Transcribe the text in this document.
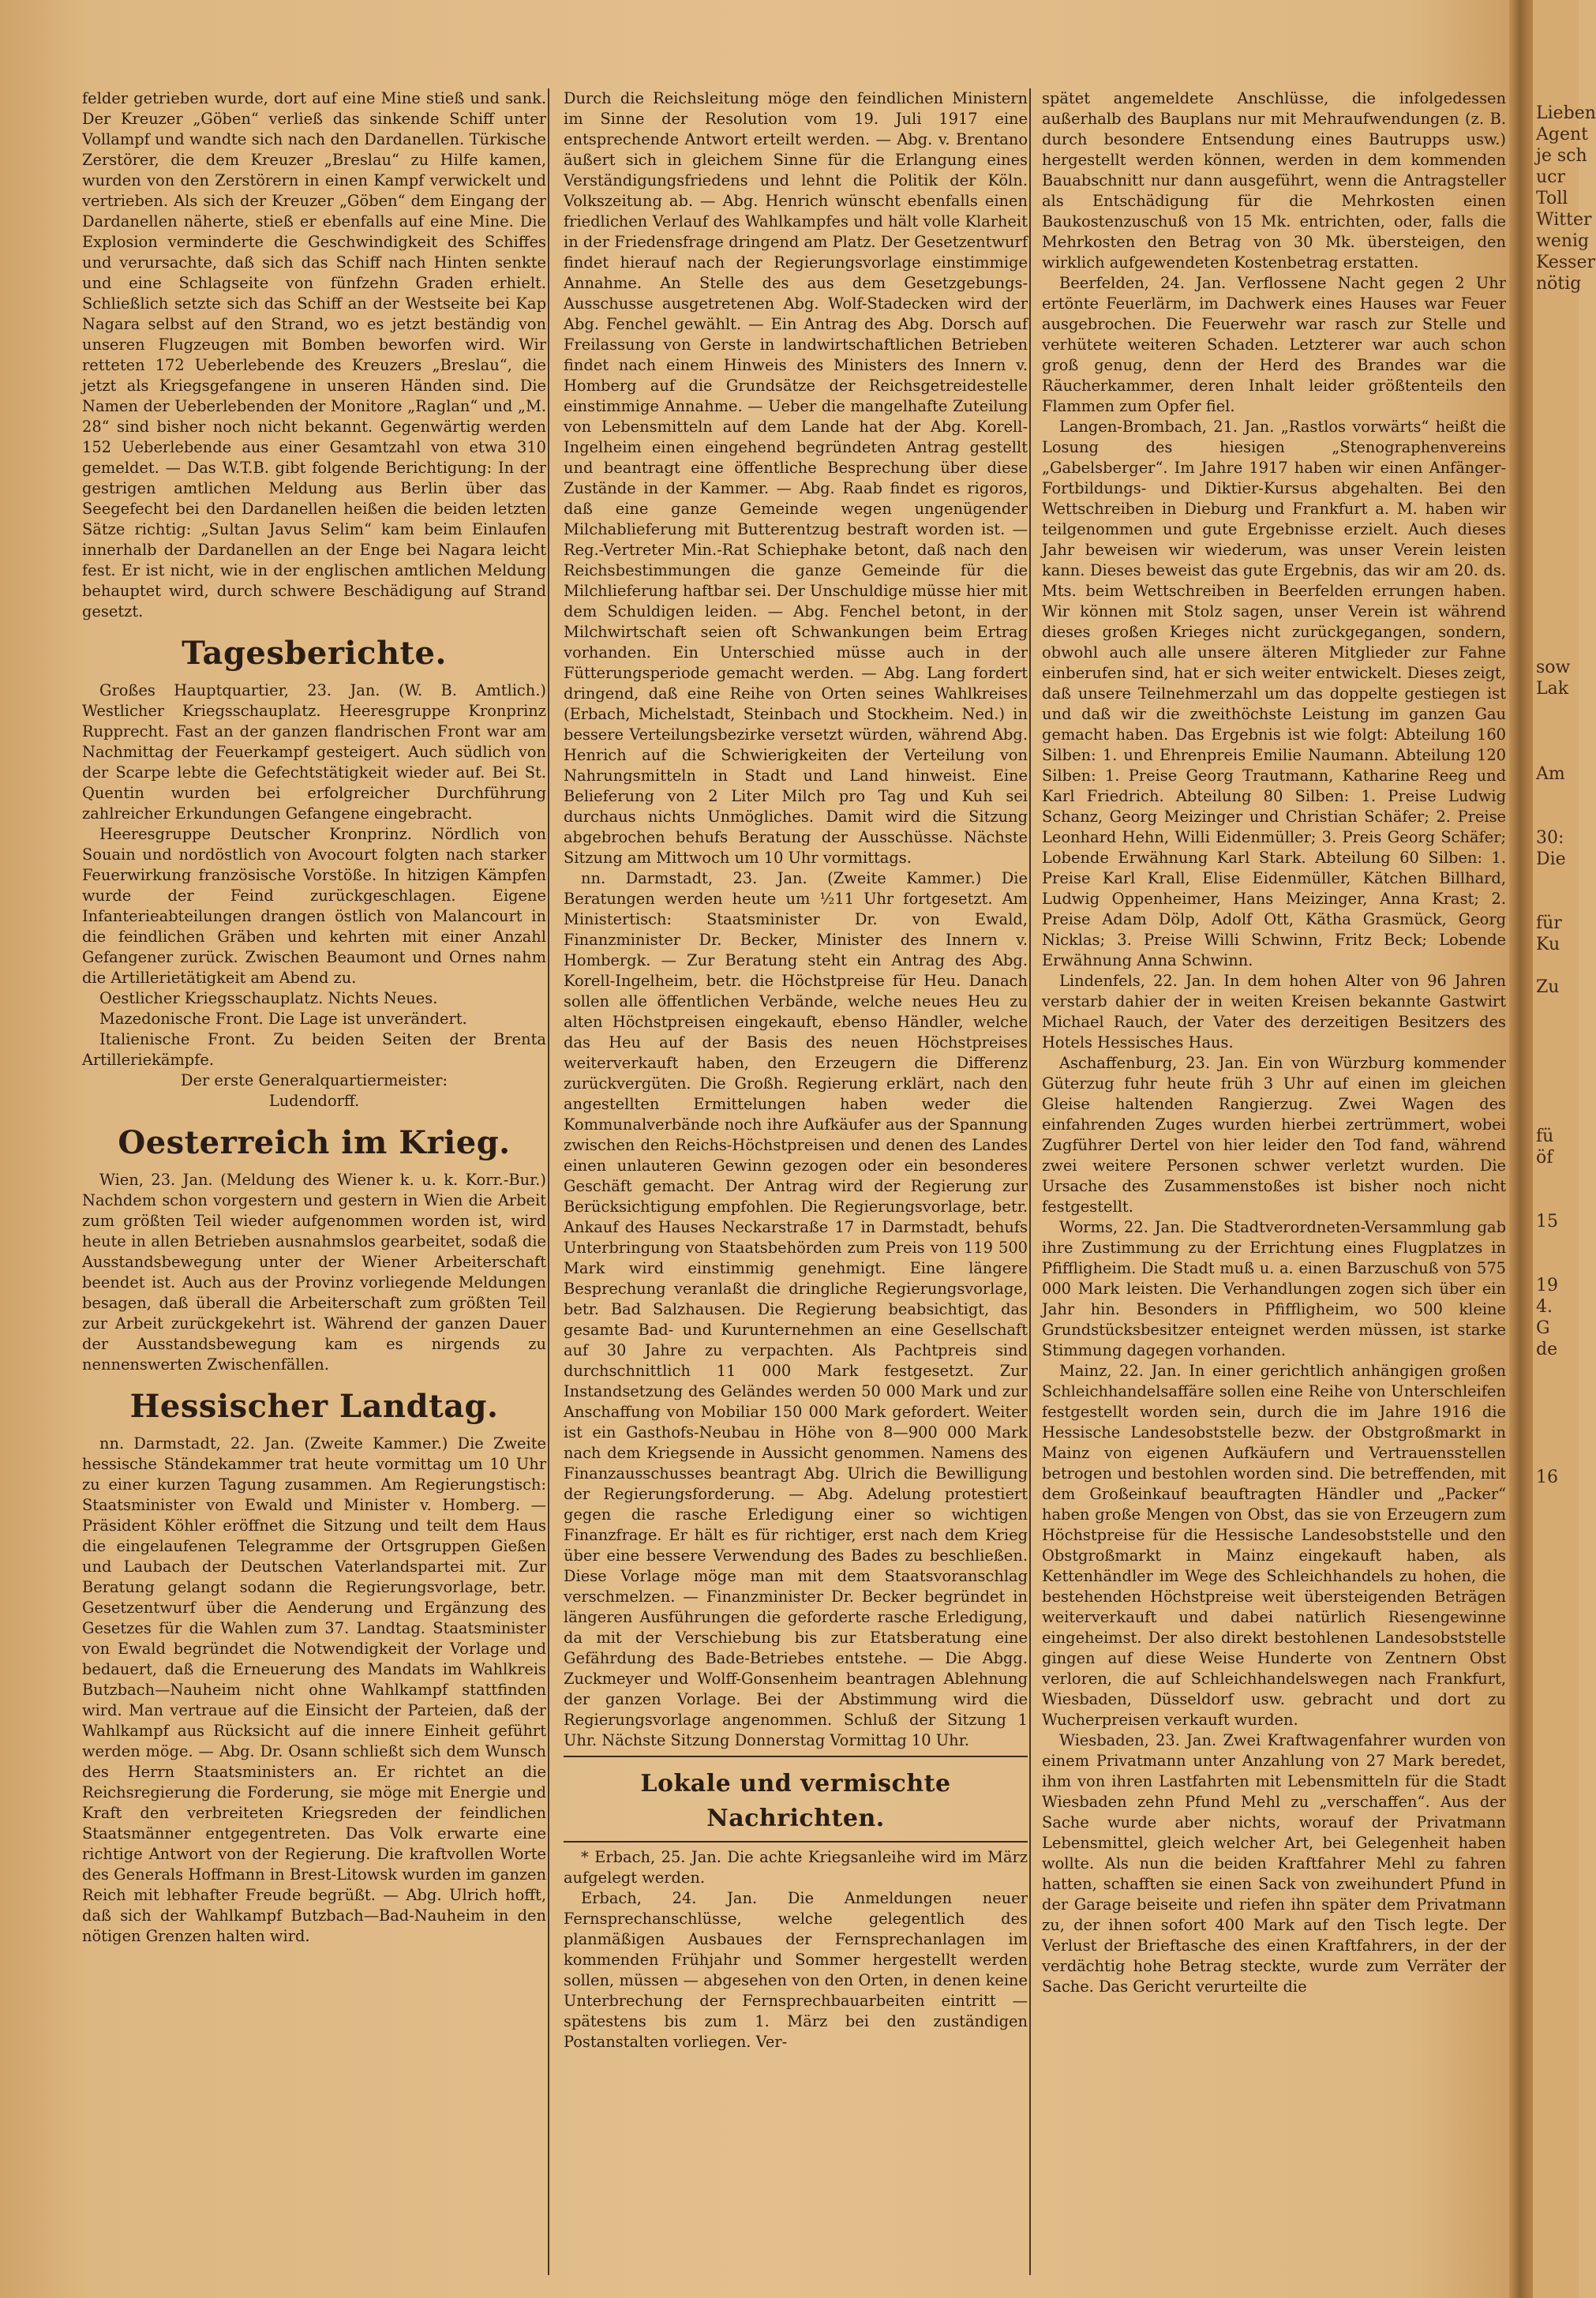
felder getrieben wurde, dort auf eine Mine stieß und sank. Der Kreuzer „Göben“ verließ das sinkende Schiff unter Vollampf und wandte sich nach den Dardanellen. Türkische Zerstörer, die dem Kreuzer „Breslau“ zu Hilfe kamen, wurden von den Zerstörern in einen Kampf verwickelt und vertrieben. Als sich der Kreuzer „Göben“ dem Eingang der Dardanellen näherte, stieß er ebenfalls auf eine Mine. Die Explosion verminderte die Geschwindigkeit des Schiffes und verursachte, daß sich das Schiff nach Hinten senkte und eine Schlagseite von fünfzehn Graden erhielt. Schließlich setzte sich das Schiff an der Westseite bei Kap Nagara selbst auf den Strand, wo es jetzt beständig von unseren Flugzeugen mit Bomben beworfen wird. Wir retteten 172 Ueberlebende des Kreuzers „Breslau“, die jetzt als Kriegsgefangene in unseren Händen sind. Die Namen der Ueberlebenden der Monitore „Raglan“ und „M. 28“ sind bisher noch nicht bekannt. Gegenwärtig werden 152 Ueberlebende aus einer Gesamtzahl von etwa 310 gemeldet. — Das W.T.B. gibt folgende Berichtigung: In der gestrigen amtlichen Meldung aus Berlin über das Seegefecht bei den Dardanellen heißen die beiden letzten Sätze richtig: „Sultan Javus Selim“ kam beim Einlaufen innerhalb der Dardanellen an der Enge bei Nagara leicht fest. Er ist nicht, wie in der englischen amtlichen Meldung behauptet wird, durch schwere Beschädigung auf Strand gesetzt.

Tagesberichte.

Großes Hauptquartier, 23. Jan. (W. B. Amtlich.) Westlicher Kriegsschauplatz. Heeresgruppe Kronprinz Rupprecht. Fast an der ganzen flandrischen Front war am Nachmittag der Feuerkampf gesteigert. Auch südlich von der Scarpe lebte die Gefechtstätigkeit wieder auf. Bei St. Quentin wurden bei erfolgreicher Durchführung zahlreicher Erkundungen Gefangene eingebracht.

Heeresgruppe Deutscher Kronprinz. Nördlich von Souain und nordöstlich von Avocourt folgten nach starker Feuerwirkung französische Vorstöße. In hitzigen Kämpfen wurde der Feind zurückgeschlagen. Eigene Infanterieabteilungen drangen östlich von Malancourt in die feindlichen Gräben und kehrten mit einer Anzahl Gefangener zurück. Zwischen Beaumont und Ornes nahm die Artillerietätigkeit am Abend zu.

Oestlicher Kriegsschauplatz. Nichts Neues.

Mazedonische Front. Die Lage ist unverändert.

Italienische Front. Zu beiden Seiten der Brenta Artilleriekämpfe.

Der erste Generalquartiermeister:

Ludendorff.

Oesterreich im Krieg.

Wien, 23. Jan. (Meldung des Wiener k. u. k. Korr.-Bur.) Nachdem schon vorgestern und gestern in Wien die Arbeit zum größten Teil wieder aufgenommen worden ist, wird heute in allen Betrieben ausnahmslos gearbeitet, sodaß die Ausstandsbewegung unter der Wiener Arbeiterschaft beendet ist. Auch aus der Provinz vorliegende Meldungen besagen, daß überall die Arbeiterschaft zum größten Teil zur Arbeit zurückgekehrt ist. Während der ganzen Dauer der Ausstandsbewegung kam es nirgends zu nennenswerten Zwischenfällen.

Hessischer Landtag.

nn. Darmstadt, 22. Jan. (Zweite Kammer.) Die Zweite hessische Ständekammer trat heute vormittag um 10 Uhr zu einer kurzen Tagung zusammen. Am Regierungstisch: Staatsminister von Ewald und Minister v. Homberg. — Präsident Köhler eröffnet die Sitzung und teilt dem Haus die eingelaufenen Telegramme der Ortsgruppen Gießen und Laubach der Deutschen Vaterlandspartei mit. Zur Beratung gelangt sodann die Regierungsvorlage, betr. Gesetzentwurf über die Aenderung und Ergänzung des Gesetzes für die Wahlen zum 37. Landtag. Staatsminister von Ewald begründet die Notwendigkeit der Vorlage und bedauert, daß die Erneuerung des Mandats im Wahlkreis Butzbach—Nauheim nicht ohne Wahlkampf stattfinden wird. Man vertraue auf die Einsicht der Parteien, daß der Wahlkampf aus Rücksicht auf die innere Einheit geführt werden möge. — Abg. Dr. Osann schließt sich dem Wunsch des Herrn Staatsministers an. Er richtet an die Reichsregierung die Forderung, sie möge mit Energie und Kraft den verbreiteten Kriegsreden der feindlichen Staatsmänner entgegentreten. Das Volk erwarte eine richtige Antwort von der Regierung. Die kraftvollen Worte des Generals Hoffmann in Brest-Litowsk wurden im ganzen Reich mit lebhafter Freude begrüßt. — Abg. Ulrich hofft, daß sich der Wahlkampf Butzbach—Bad-Nauheim in den nötigen Grenzen halten wird.

Durch die Reichsleitung möge den feindlichen Ministern im Sinne der Resolution vom 19. Juli 1917 eine entsprechende Antwort erteilt werden. — Abg. v. Brentano äußert sich in gleichem Sinne für die Erlangung eines Verständigungsfriedens und lehnt die Politik der Köln. Volkszeitung ab. — Abg. Henrich wünscht ebenfalls einen friedlichen Verlauf des Wahlkampfes und hält volle Klarheit in der Friedensfrage dringend am Platz. Der Gesetzentwurf findet hierauf nach der Regierungsvorlage einstimmige Annahme. An Stelle des aus dem Gesetzgebungs-Ausschusse ausgetretenen Abg. Wolf-Stadecken wird der Abg. Fenchel gewählt. — Ein Antrag des Abg. Dorsch auf Freilassung von Gerste in landwirtschaftlichen Betrieben findet nach einem Hinweis des Ministers des Innern v. Homberg auf die Grundsätze der Reichsgetreidestelle einstimmige Annahme. — Ueber die mangelhafte Zuteilung von Lebensmitteln auf dem Lande hat der Abg. Korell-Ingelheim einen eingehend begründeten Antrag gestellt und beantragt eine öffentliche Besprechung über diese Zustände in der Kammer. — Abg. Raab findet es rigoros, daß eine ganze Gemeinde wegen ungenügender Milchablieferung mit Butterentzug bestraft worden ist. — Reg.-Vertreter Min.-Rat Schiephake betont, daß nach den Reichsbestimmungen die ganze Gemeinde für die Milchlieferung haftbar sei. Der Unschuldige müsse hier mit dem Schuldigen leiden. — Abg. Fenchel betont, in der Milchwirtschaft seien oft Schwankungen beim Ertrag vorhanden. Ein Unterschied müsse auch in der Fütterungsperiode gemacht werden. — Abg. Lang fordert dringend, daß eine Reihe von Orten seines Wahlkreises (Erbach, Michelstadt, Steinbach und Stockheim. Ned.) in bessere Verteilungsbezirke versetzt würden, während Abg. Henrich auf die Schwierigkeiten der Verteilung von Nahrungsmitteln in Stadt und Land hinweist. Eine Belieferung von 2 Liter Milch pro Tag und Kuh sei durchaus nichts Unmögliches. Damit wird die Sitzung abgebrochen behufs Beratung der Ausschüsse. Nächste Sitzung am Mittwoch um 10 Uhr vormittags.

nn. Darmstadt, 23. Jan. (Zweite Kammer.) Die Beratungen werden heute um ½11 Uhr fortgesetzt. Am Ministertisch: Staatsminister Dr. von Ewald, Finanzminister Dr. Becker, Minister des Innern v. Hombergk. — Zur Beratung steht ein Antrag des Abg. Korell-Ingelheim, betr. die Höchstpreise für Heu. Danach sollen alle öffentlichen Verbände, welche neues Heu zu alten Höchstpreisen eingekauft, ebenso Händler, welche das Heu auf der Basis des neuen Höchstpreises weiterverkauft haben, den Erzeugern die Differenz zurückvergüten. Die Großh. Regierung erklärt, nach den angestellten Ermittelungen haben weder die Kommunalverbände noch ihre Aufkäufer aus der Spannung zwischen den Reichs-Höchstpreisen und denen des Landes einen unlauteren Gewinn gezogen oder ein besonderes Geschäft gemacht. Der Antrag wird der Regierung zur Berücksichtigung empfohlen. Die Regierungsvorlage, betr. Ankauf des Hauses Neckarstraße 17 in Darmstadt, behufs Unterbringung von Staatsbehörden zum Preis von 119 500 Mark wird einstimmig genehmigt. Eine längere Besprechung veranlaßt die dringliche Regierungsvorlage, betr. Bad Salzhausen. Die Regierung beabsichtigt, das gesamte Bad- und Kurunternehmen an eine Gesellschaft auf 30 Jahre zu verpachten. Als Pachtpreis sind durchschnittlich 11 000 Mark festgesetzt. Zur Instandsetzung des Geländes werden 50 000 Mark und zur Anschaffung von Mobiliar 150 000 Mark gefordert. Weiter ist ein Gasthofs-Neubau in Höhe von 8—900 000 Mark nach dem Kriegsende in Aussicht genommen. Namens des Finanzausschusses beantragt Abg. Ulrich die Bewilligung der Regierungsforderung. — Abg. Adelung protestiert gegen die rasche Erledigung einer so wichtigen Finanzfrage. Er hält es für richtiger, erst nach dem Krieg über eine bessere Verwendung des Bades zu beschließen. Diese Vorlage möge man mit dem Staatsvoranschlag verschmelzen. — Finanzminister Dr. Becker begründet in längeren Ausführungen die geforderte rasche Erledigung, da mit der Verschiebung bis zur Etatsberatung eine Gefährdung des Bade-Betriebes entstehe. — Die Abgg. Zuckmeyer und Wolff-Gonsenheim beantragen Ablehnung der ganzen Vorlage. Bei der Abstimmung wird die Regierungsvorlage angenommen. Schluß der Sitzung 1 Uhr. Nächste Sitzung Donnerstag Vormittag 10 Uhr.

Lokale und vermischte Nachrichten.

* Erbach, 25. Jan. Die achte Kriegsanleihe wird im März aufgelegt werden.

Erbach, 24. Jan. Die Anmeldungen neuer Fernsprechanschlüsse, welche gelegentlich des planmäßigen Ausbaues der Fernsprechanlagen im kommenden Frühjahr und Sommer hergestellt werden sollen, müssen — abgesehen von den Orten, in denen keine Unterbrechung der Fernsprechbauarbeiten eintritt — spätestens bis zum 1. März bei den zuständigen Postanstalten vorliegen. Ver-

spätet angemeldete Anschlüsse, die infolgedessen außerhalb des Bauplans nur mit Mehraufwendungen (z. B. durch besondere Entsendung eines Bautrupps usw.) hergestellt werden können, werden in dem kommenden Bauabschnitt nur dann ausgeführt, wenn die Antragsteller als Entschädigung für die Mehrkosten einen Baukostenzuschuß von 15 Mk. entrichten, oder, falls die Mehrkosten den Betrag von 30 Mk. übersteigen, den wirklich aufgewendeten Kostenbetrag erstatten.

Beerfelden, 24. Jan. Verflossene Nacht gegen 2 Uhr ertönte Feuerlärm, im Dachwerk eines Hauses war Feuer ausgebrochen. Die Feuerwehr war rasch zur Stelle und verhütete weiteren Schaden. Letzterer war auch schon groß genug, denn der Herd des Brandes war die Räucherkammer, deren Inhalt leider größtenteils den Flammen zum Opfer fiel.

Langen-Brombach, 21. Jan. „Rastlos vorwärts“ heißt die Losung des hiesigen „Stenographenvereins „Gabelsberger“. Im Jahre 1917 haben wir einen Anfänger-Fortbildungs- und Diktier-Kursus abgehalten. Bei den Wettschreiben in Dieburg und Frankfurt a. M. haben wir teilgenommen und gute Ergebnisse erzielt. Auch dieses Jahr beweisen wir wiederum, was unser Verein leisten kann. Dieses beweist das gute Ergebnis, das wir am 20. ds. Mts. beim Wettschreiben in Beerfelden errungen haben. Wir können mit Stolz sagen, unser Verein ist während dieses großen Krieges nicht zurückgegangen, sondern, obwohl auch alle unsere älteren Mitglieder zur Fahne einberufen sind, hat er sich weiter entwickelt. Dieses zeigt, daß unsere Teilnehmerzahl um das doppelte gestiegen ist und daß wir die zweithöchste Leistung im ganzen Gau gemacht haben. Das Ergebnis ist wie folgt: Abteilung 160 Silben: 1. und Ehrenpreis Emilie Naumann. Abteilung 120 Silben: 1. Preise Georg Trautmann, Katharine Reeg und Karl Friedrich. Abteilung 80 Silben: 1. Preise Ludwig Schanz, Georg Meizinger und Christian Schäfer; 2. Preise Leonhard Hehn, Willi Eidenmüller; 3. Preis Georg Schäfer; Lobende Erwähnung Karl Stark. Abteilung 60 Silben: 1. Preise Karl Krall, Elise Eidenmüller, Kätchen Billhard, Ludwig Oppenheimer, Hans Meizinger, Anna Krast; 2. Preise Adam Dölp, Adolf Ott, Kätha Grasmück, Georg Nicklas; 3. Preise Willi Schwinn, Fritz Beck; Lobende Erwähnung Anna Schwinn.

Lindenfels, 22. Jan. In dem hohen Alter von 96 Jahren verstarb dahier der in weiten Kreisen bekannte Gastwirt Michael Rauch, der Vater des derzeitigen Besitzers des Hotels Hessisches Haus.

Aschaffenburg, 23. Jan. Ein von Würzburg kommender Güterzug fuhr heute früh 3 Uhr auf einen im gleichen Gleise haltenden Rangierzug. Zwei Wagen des einfahrenden Zuges wurden hierbei zertrümmert, wobei Zugführer Dertel von hier leider den Tod fand, während zwei weitere Personen schwer verletzt wurden. Die Ursache des Zusammenstoßes ist bisher noch nicht festgestellt.

Worms, 22. Jan. Die Stadtverordneten-Versammlung gab ihre Zustimmung zu der Errichtung eines Flugplatzes in Pfiffligheim. Die Stadt muß u. a. einen Barzuschuß von 575 000 Mark leisten. Die Verhandlungen zogen sich über ein Jahr hin. Besonders in Pfiffligheim, wo 500 kleine Grundstücksbesitzer enteignet werden müssen, ist starke Stimmung dagegen vorhanden.

Mainz, 22. Jan. In einer gerichtlich anhängigen großen Schleichhandelsaffäre sollen eine Reihe von Unterschleifen festgestellt worden sein, durch die im Jahre 1916 die Hessische Landesobststelle bezw. der Obstgroßmarkt in Mainz von eigenen Aufkäufern und Vertrauensstellen betrogen und bestohlen worden sind. Die betreffenden, mit dem Großeinkauf beauftragten Händler und „Packer“ haben große Mengen von Obst, das sie von Erzeugern zum Höchstpreise für die Hessische Landesobststelle und den Obstgroßmarkt in Mainz eingekauft haben, als Kettenhändler im Wege des Schleichhandels zu hohen, die bestehenden Höchstpreise weit übersteigenden Beträgen weiterverkauft und dabei natürlich Riesengewinne eingeheimst. Der also direkt bestohlenen Landesobststelle gingen auf diese Weise Hunderte von Zentnern Obst verloren, die auf Schleichhandelswegen nach Frankfurt, Wiesbaden, Düsseldorf usw. gebracht und dort zu Wucherpreisen verkauft wurden.

Wiesbaden, 23. Jan. Zwei Kraftwagenfahrer wurden von einem Privatmann unter Anzahlung von 27 Mark beredet, ihm von ihren Lastfahrten mit Lebensmitteln für die Stadt Wiesbaden zehn Pfund Mehl zu „verschaffen“. Aus der Sache wurde aber nichts, worauf der Privatmann Lebensmittel, gleich welcher Art, bei Gelegenheit haben wollte. Als nun die beiden Kraftfahrer Mehl zu fahren hatten, schafften sie einen Sack von zweihundert Pfund in der Garage beiseite und riefen ihn später dem Privatmann zu, der ihnen sofort 400 Mark auf den Tisch legte. Der Verlust der Brieftasche des einen Kraftfahrers, in der der verdächtig hohe Betrag steckte, wurde zum Verräter der Sache. Das Gericht verurteilte die

Lieben

Agent

je sch

ucr

Toll

Witter

wenig

Kesser

nötig

sow

Lak

Am

30:

Die

für

Ku

Zu

fü

öf

15

19

4.

G

de

16
